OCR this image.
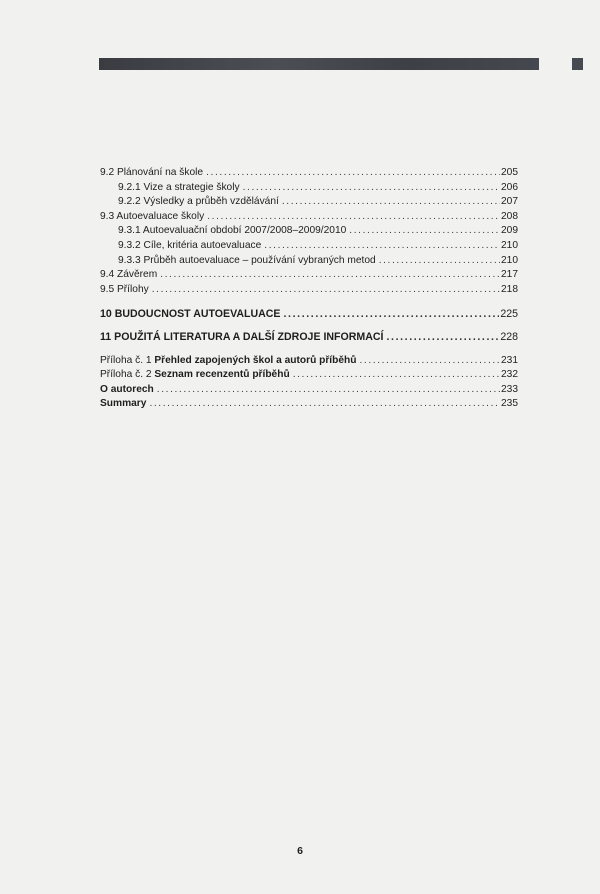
9.2 Plánování na škole .....	205
9.2.1 Vize a strategie školy .....	206
9.2.2 Výsledky a průběh vzdělávání .....	207
9.3 Autoevaluace školy .....	208
9.3.1 Autoevaluační období 2007/2008–2009/2010 .....	209
9.3.2 Cíle, kritéria autoevaluace .....	210
9.3.3 Průběh autoevaluace – používání vybraných metod .....	210
9.4 Závěrem .....	217
9.5 Přílohy .....	218
10 BUDOUCNOST AUTOEVALUACE .....	225
11 POUŽITÁ LITERATURA A DALŠÍ ZDROJE INFORMACÍ .....	228
Příloha č. 1 Přehled zapojených škol a autorů příběhů .....	231
Příloha č. 2 Seznam recenzentů příběhů .....	232
O autorech .....	233
Summary .....	235
6
